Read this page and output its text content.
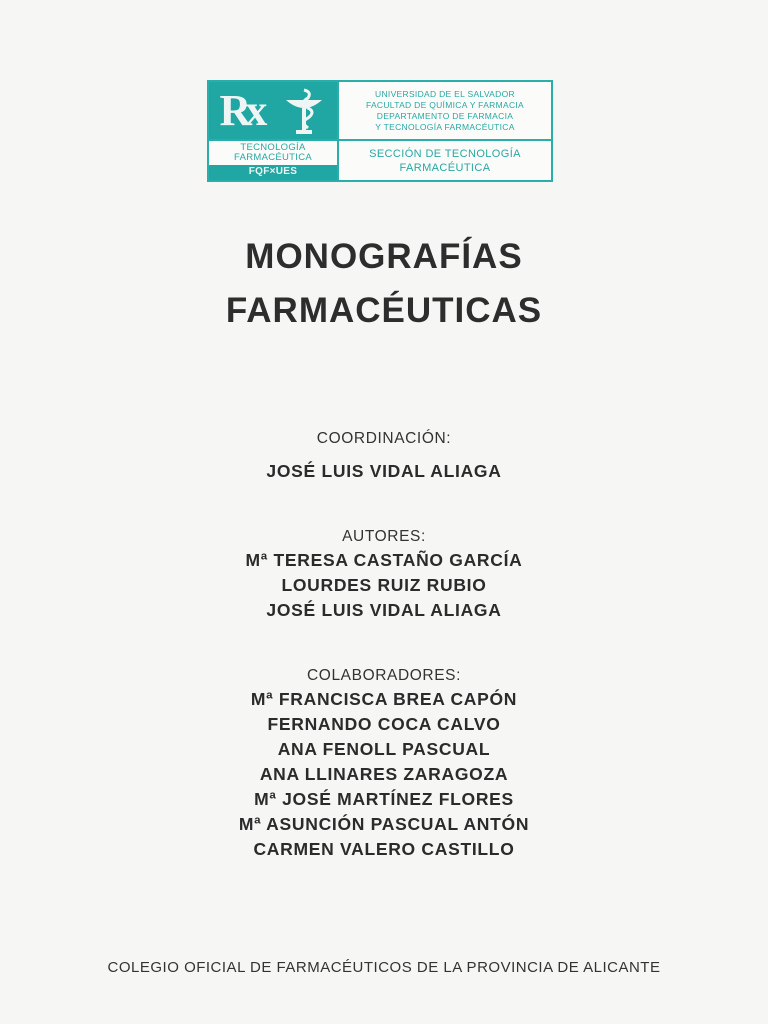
Rx
TECNOLOGÍA
FARMACÉUTICA
FQF×UES
UNIVERSIDAD DE EL SALVADOR
FACULTAD DE QUÍMICA Y FARMACIA
DEPARTAMENTO DE FARMACIA
Y TECNOLOGÍA FARMACÉUTICA
SECCIÓN DE TECNOLOGÍA
FARMACÉUTICA
MONOGRAFÍAS
FARMACÉUTICAS
COORDINACIÓN:
JOSÉ LUIS VIDAL ALIAGA
AUTORES:
Mª TERESA CASTAÑO GARCÍA
LOURDES RUIZ RUBIO
JOSÉ LUIS VIDAL ALIAGA
COLABORADORES:
Mª FRANCISCA BREA CAPÓN
FERNANDO COCA CALVO
ANA FENOLL PASCUAL
ANA LLINARES ZARAGOZA
Mª JOSÉ MARTÍNEZ FLORES
Mª ASUNCIÓN PASCUAL ANTÓN
CARMEN VALERO CASTILLO
COLEGIO OFICIAL DE FARMACÉUTICOS DE LA PROVINCIA DE ALICANTE
